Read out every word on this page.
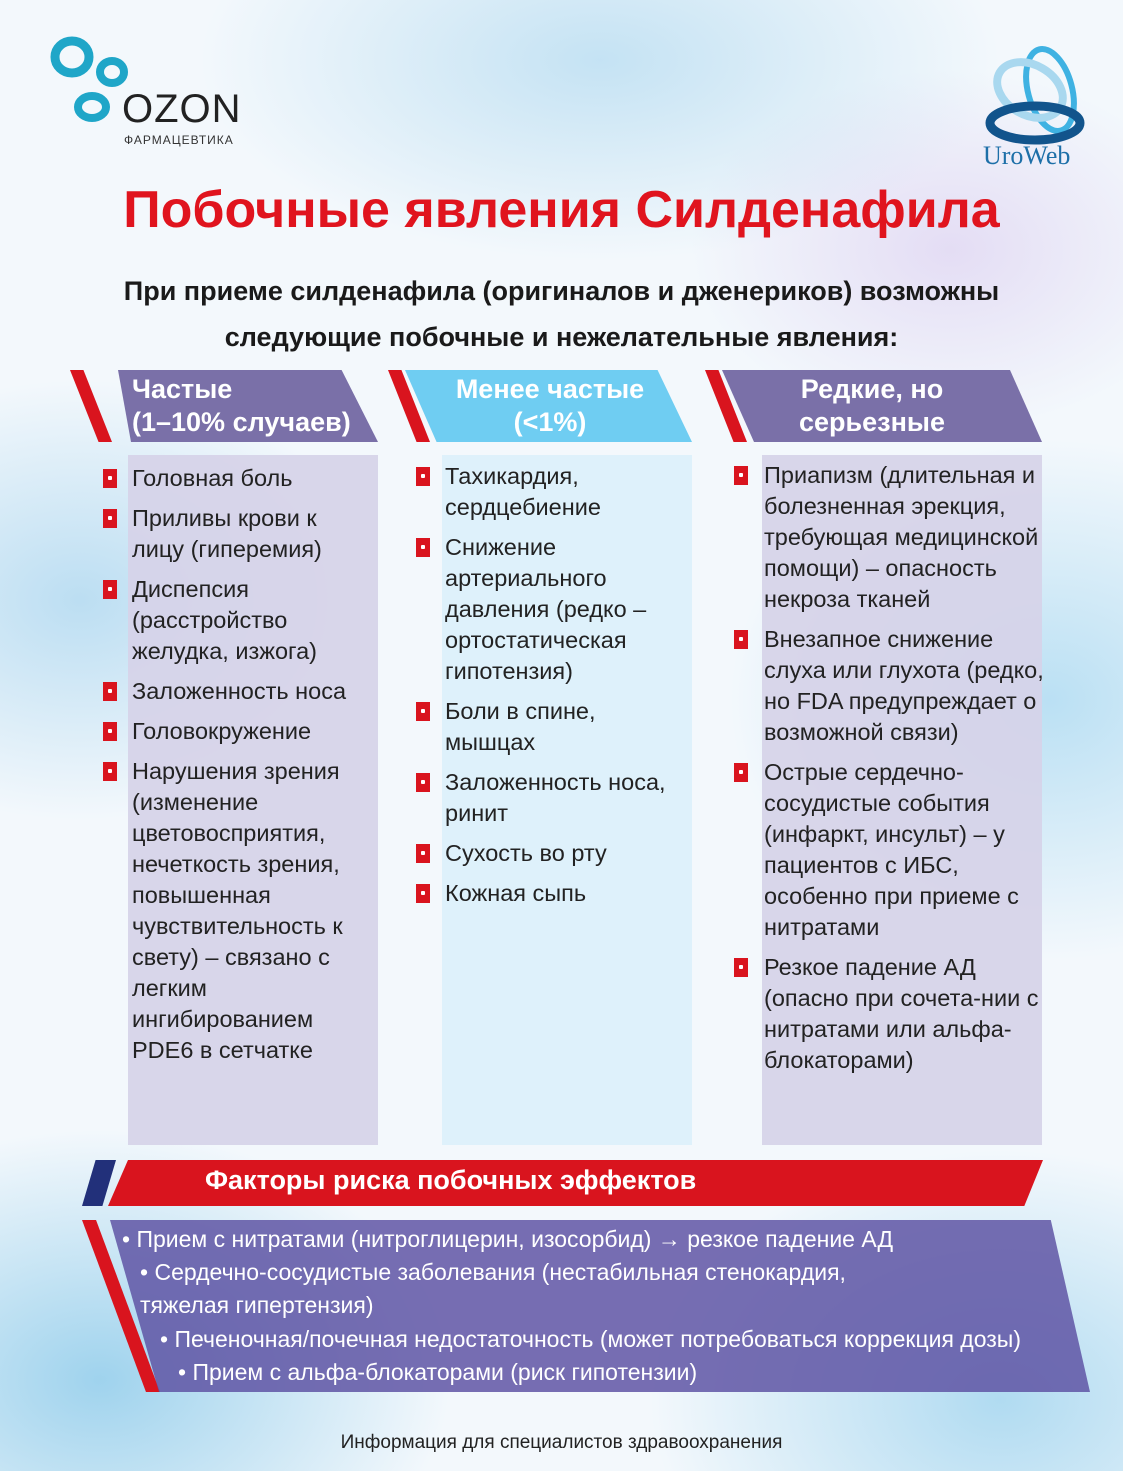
OZON
ФАРМАЦЕВТИКА
UroWeb
Побочные явления Силденафила
При приеме силденафила (оригиналов и дженериков) возможны
следующие побочные и нежелательные явления:
Частые
(1–10% случаев)
Головная боль
Приливы крови к лицу (гиперемия)
Диспепсия (расстройство желудка, изжога)
Заложенность носа
Головокружение
Нарушения зрения (изменение цветовосприятия, нечеткость зрения, повышенная чувствительность к свету) – связано с легким ингибированием PDE6 в сетчатке
Менее частые
(<1%)
Тахикардия, сердцебиение
Снижение артериального давления (редко – ортостатическая гипотензия)
Боли в спине, мышцах
Заложенность носа, ринит
Сухость во рту
Кожная сыпь
Редкие, но
серьезные
Приапизм (длительная и болезненная эрекция, требующая медицинской помощи) – опасность некроза тканей
Внезапное снижение слуха или глухота (редко, но FDA предупреждает о возможной связи)
Острые сердечно-сосудистые события (инфаркт, инсульт) – у пациентов с ИБС, особенно при приеме с нитратами
Резкое падение АД (опасно при сочета-нии с нитратами или альфа-блокаторами)
Факторы риска побочных эффектов
• Прием с нитратами (нитроглицерин, изосорбид) → резкое падение АД
• Сердечно-сосудистые заболевания (нестабильная стенокардия, тяжелая гипертензия)
• Печеночная/почечная недостаточность (может потребоваться коррекция дозы)
• Прием с альфа-блокаторами (риск гипотензии)
Информация для специалистов здравоохранения
